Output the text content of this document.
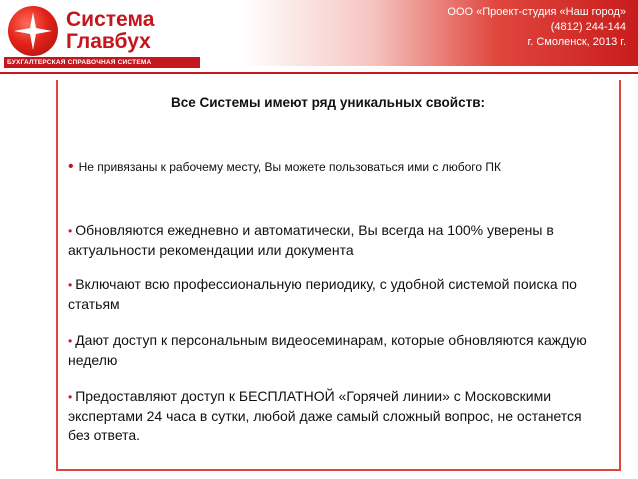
Система
Главбух
БУХГАЛТЕРСКАЯ СПРАВОЧНАЯ СИСТЕМА
ООО «Проект-студия «Наш город»
(4812) 244-144
г. Смоленск, 2013 г.
Все Системы имеют ряд уникальных свойств:
• Не привязаны к рабочему месту, Вы можете пользоваться ими с любого ПК
• Обновляются ежедневно и автоматически, Вы всегда на 100% уверены в актуальности рекомендации или документа
• Включают всю профессиональную периодику, с удобной системой поиска по статьям
• Дают доступ к персональным видеосеминарам, которые обновляются каждую неделю
• Предоставляют доступ к БЕСПЛАТНОЙ «Горячей линии» с Московскими экспертами 24 часа в сутки, любой даже самый сложный вопрос, не останется без ответа.
